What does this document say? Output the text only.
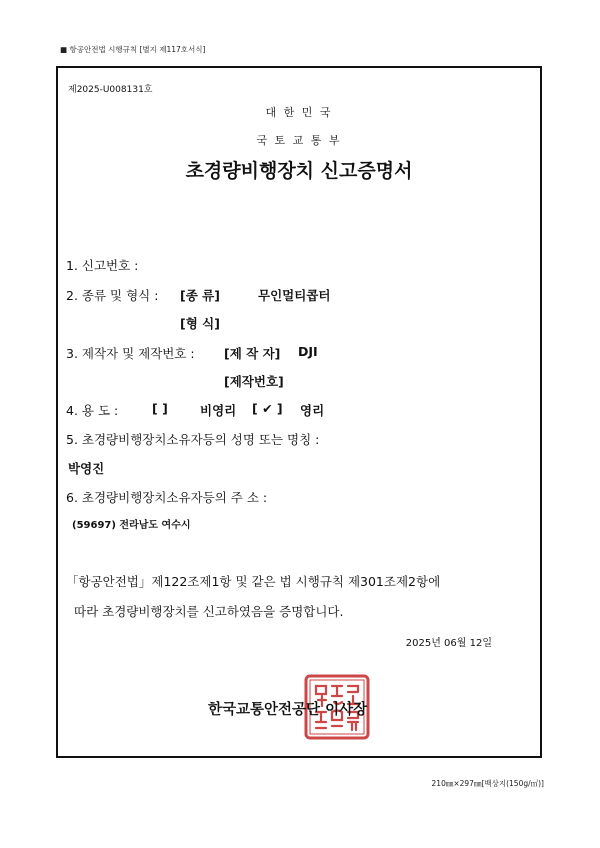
■ 항공안전법 시행규칙 [별지 제117호서식]
제2025-U008131호
대 한 민 국
국 토 교 통 부
초경량비행장치 신고증명서
1. 신고번호 :
2. 종류 및 형식 : [종 류]	무인멀티콥터
[형 식]
3. 제작자 및 제작번호 : [제 작 자] DJI
[제작번호]
4. 용 도 :	[ ]	비영리 [ ✔ ] 영리
5. 초경량비행장치소유자등의 성명 또는 명칭 :
박영진
6. 초경량비행장치소유자등의 주 소 :
(59697) 전라남도 여수시
「항공안전법」제122조제1항 및 같은 법 시행규칙 제301조제2항에
따라 초경량비행장치를 신고하였음을 증명합니다.
2025년 06월 12일
한국교통안전공단 이사장
210㎜×297㎜[백상지(150g/㎡)]
